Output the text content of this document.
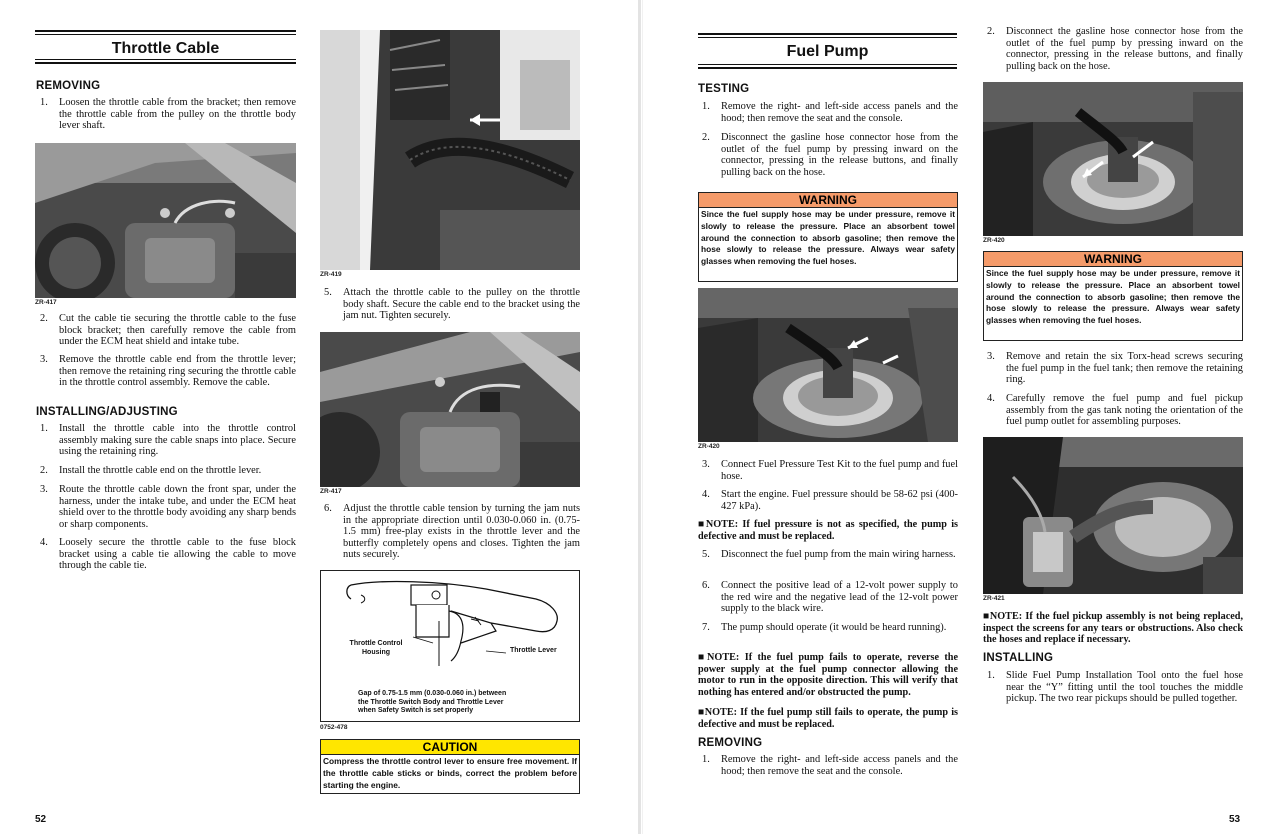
Throttle Cable
REMOVING
1. Loosen the throttle cable from the bracket; then remove the throttle cable from the pulley on the throttle body lever shaft.
ZR-417
2. Cut the cable tie securing the throttle cable to the fuse block bracket; then carefully remove the cable from under the ECM heat shield and intake tube.
3. Remove the throttle cable end from the throttle lever; then remove the retaining ring securing the throttle cable in the throttle control assembly. Remove the cable.
INSTALLING/ADJUSTING
1. Install the throttle cable into the throttle control assembly making sure the cable snaps into place. Secure using the retaining ring.
2. Install the throttle cable end on the throttle lever.
3. Route the throttle cable down the front spar, under the harness, under the intake tube, and under the ECM heat shield over to the throttle body avoiding any sharp bends or sharp components.
4. Loosely secure the throttle cable to the fuse block bracket using a cable tie allowing the cable to move through the cable tie.
ZR-419
5. Attach the throttle cable to the pulley on the throttle body shaft. Secure the cable end to the bracket using the jam nut. Tighten securely.
ZR-417
6. Adjust the throttle cable tension by turning the jam nuts in the appropriate direction until 0.030-0.060 in. (0.75-1.5 mm) free-play exists in the throttle lever and the butterfly completely opens and closes. Tighten the jam nuts securely.
Throttle Control Housing	Throttle Lever
Gap of 0.75-1.5 mm (0.030-0.060 in.) between the Throttle Switch Body and Throttle Lever when Safety Switch is set properly
0752-478
CAUTION
Compress the throttle control lever to ensure free movement. If the throttle cable sticks or binds, correct the problem before starting the engine.
52
Fuel Pump
TESTING
1. Remove the right- and left-side access panels and the hood; then remove the seat and the console.
2. Disconnect the gasline hose connector hose from the outlet of the fuel pump by pressing inward on the connector, pressing in the release buttons, and finally pulling back on the hose.
WARNING
Since the fuel supply hose may be under pressure, remove it slowly to release the pressure. Place an absorbent towel around the connection to absorb gasoline; then remove the hose slowly to release the pressure. Always wear safety glasses when removing the fuel hoses.
ZR-420
3. Connect Fuel Pressure Test Kit to the fuel pump and fuel hose.
4. Start the engine. Fuel pressure should be 58-62 psi (400-427 kPa).
■NOTE: If fuel pressure is not as specified, the pump is defective and must be replaced.
5. Disconnect the fuel pump from the main wiring harness.
6. Connect the positive lead of a 12-volt power supply to the red wire and the negative lead of the 12-volt power supply to the black wire.
7. The pump should operate (it would be heard running).
■NOTE: If the fuel pump fails to operate, reverse the power supply at the fuel pump connector allowing the motor to run in the opposite direction. This will verify that nothing has entered and/or obstructed the pump.
■NOTE: If the fuel pump still fails to operate, the pump is defective and must be replaced.
REMOVING
1. Remove the right- and left-side access panels and the hood; then remove the seat and the console.
2. Disconnect the gasline hose connector hose from the outlet of the fuel pump by pressing inward on the connector, pressing in the release buttons, and finally pulling back on the hose.
ZR-420
WARNING
Since the fuel supply hose may be under pressure, remove it slowly to release the pressure. Place an absorbent towel around the connection to absorb gasoline; then remove the hose slowly to release the pressure. Always wear safety glasses when removing the fuel hoses.
3. Remove and retain the six Torx-head screws securing the fuel pump in the fuel tank; then remove the retaining ring.
4. Carefully remove the fuel pump and fuel pickup assembly from the gas tank noting the orientation of the fuel pump outlet for assembling purposes.
ZR-421
■NOTE: If the fuel pickup assembly is not being replaced, inspect the screens for any tears or obstructions. Also check the hoses and replace if necessary.
INSTALLING
1. Slide Fuel Pump Installation Tool onto the fuel hose near the “Y” fitting until the tool touches the middle pickup. The two rear pickups should be pulled together.
53
